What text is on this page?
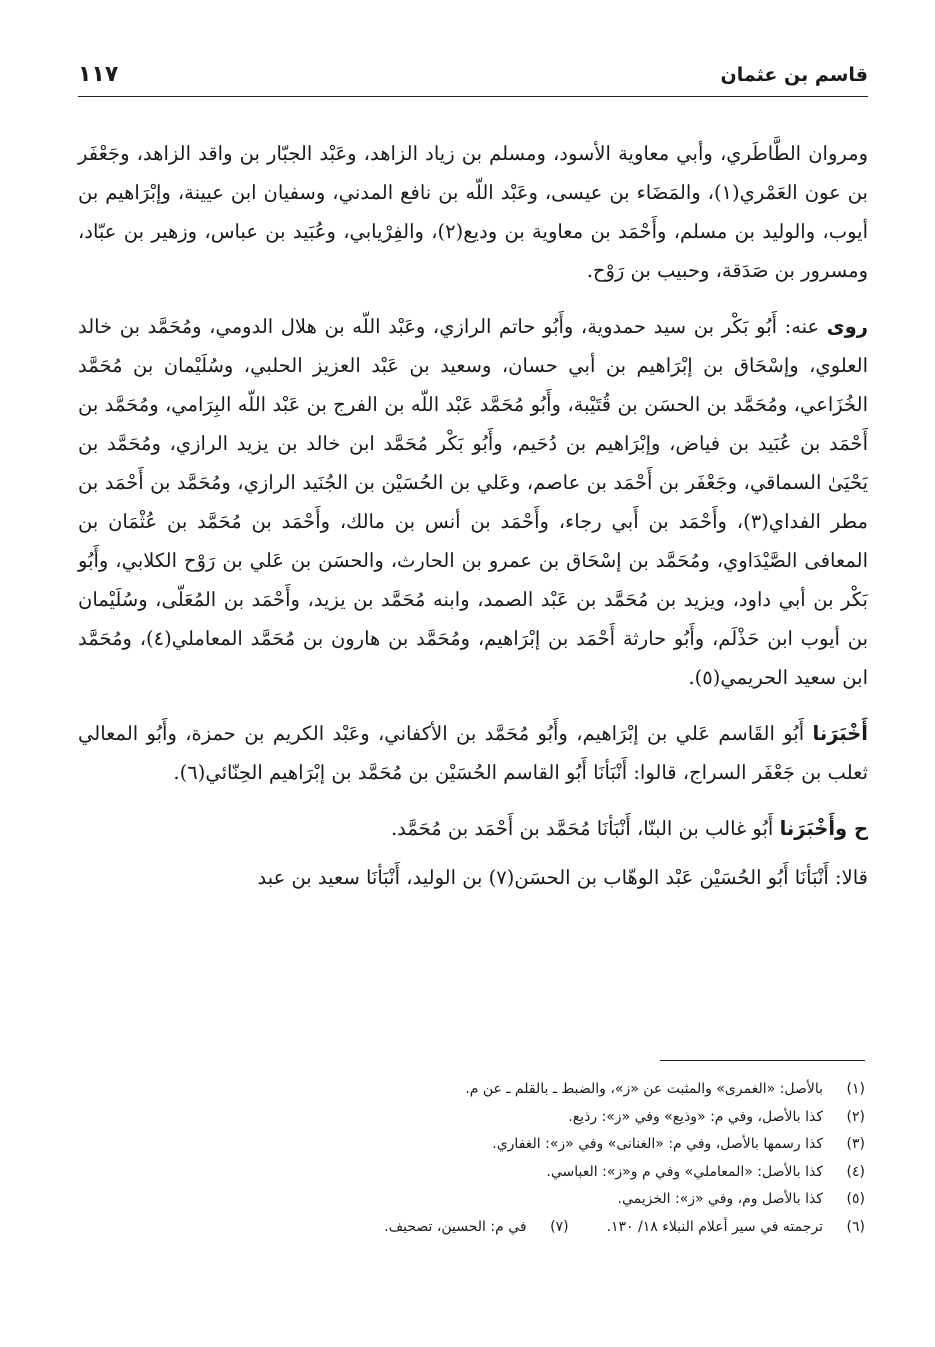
قاسم بن عثمان
١١٧

ومروان الطَّاطَري، وأبي معاوية الأسود، ومسلم بن زياد الزاهد، وعَبْد الجبّار بن واقد الزاهد، وجَعْفَر بن عون العَمْري(١)، والمَضَاء بن عيسى، وعَبْد اللّه بن نافع المدني، وسفيان ابن عيينة، وإبْرَاهيم بن أيوب، والوليد بن مسلم، وأَحْمَد بن معاوية بن وديع(٢)، والفِرْيابي، وعُبَيد بن عباس، وزهير بن عبّاد، ومسرور بن صَدَقة، وحبيب بن رَوْح.

روى عنه: أَبُو بَكْر بن سيد حمدوية، وأَبُو حاتم الرازي، وعَبْد اللّه بن هلال الدومي، ومُحَمَّد بن خالد العلوي، وإسْحَاق بن إبْرَاهيم بن أبي حسان، وسعيد بن عَبْد العزيز الحلبي، وسُلَيْمان بن مُحَمَّد الخُزَاعي، ومُحَمَّد بن الحسَن بن قُتَيْبة، وأَبُو مُحَمَّد عَبْد اللّه بن الفرج بن عَبْد اللّه البِرَامي، ومُحَمَّد بن أَحْمَد بن عُبَيد بن فياض، وإبْرَاهيم بن دُحَيم، وأَبُو بَكْر مُحَمَّد ابن خالد بن يزيد الرازي، ومُحَمَّد بن يَحْيَىٰ السماقي، وجَعْفَر بن أَحْمَد بن عاصم، وعَلي بن الحُسَيْن بن الجُنَيد الرازي، ومُحَمَّد بن أَحْمَد بن مطر الفداي(٣)، وأَحْمَد بن أَبي رجاء، وأَحْمَد بن أنس بن مالك، وأَحْمَد بن مُحَمَّد بن عُثْمَان بن المعافى الصَّيْدَاوي، ومُحَمَّد بن إسْحَاق بن عمرو بن الحارث، والحسَن بن عَلي بن رَوْح الكلابي، وأَبُو بَكْر بن أبي داود، ويزيد بن مُحَمَّد بن عَبْد الصمد، وابنه مُحَمَّد بن يزيد، وأَحْمَد بن المُعَلّى، وسُلَيْمان بن أيوب ابن حَذْلَم، وأَبُو حارثة أَحْمَد بن إبْرَاهيم، ومُحَمَّد بن هارون بن مُحَمَّد المعاملي(٤)، ومُحَمَّد ابن سعيد الحريمي(٥).

أَخْبَرَنا أَبُو القَاسم عَلي بن إبْرَاهيم، وأَبُو مُحَمَّد بن الأكفاني، وعَبْد الكريم بن حمزة، وأَبُو المعالي ثعلب بن جَعْفَر السراج، قالوا: أَنْبَأنَا أَبُو القاسم الحُسَيْن بن مُحَمَّد بن إبْرَاهيم الحِنّائي(٦).

ح وأَخْبَرَنا أَبُو غالب بن البنّا، أَنْبَأنَا مُحَمَّد بن أَحْمَد بن مُحَمَّد.

قالا: أَنْبَأنَا أَبُو الحُسَيْن عَبْد الوهّاب بن الحسَن(٧) بن الوليد، أَنْبَأنَا سعيد بن عبد

(١)
بالأصل: «الغمرى» والمثبت عن «ز»، والضبط ـ بالقلم ـ عن م.
(٢)
كذا بالأصل، وفي م: «وذيع» وفي «ز»: رذيع.
(٣)
كذا رسمها بالأصل، وفي م: «الغنانى» وفي «ز»: الغفاري.
(٤)
كذا بالأصل: «المعاملي» وفي م و«ز»: العباسي.
(٥)
كذا بالأصل وم، وفي «ز»: الخزيمي.
(٦)
ترجمته في سير أعلام النبلاء ١٨/ ١٣٠.
(٧)
في م: الحسين، تصحيف.
